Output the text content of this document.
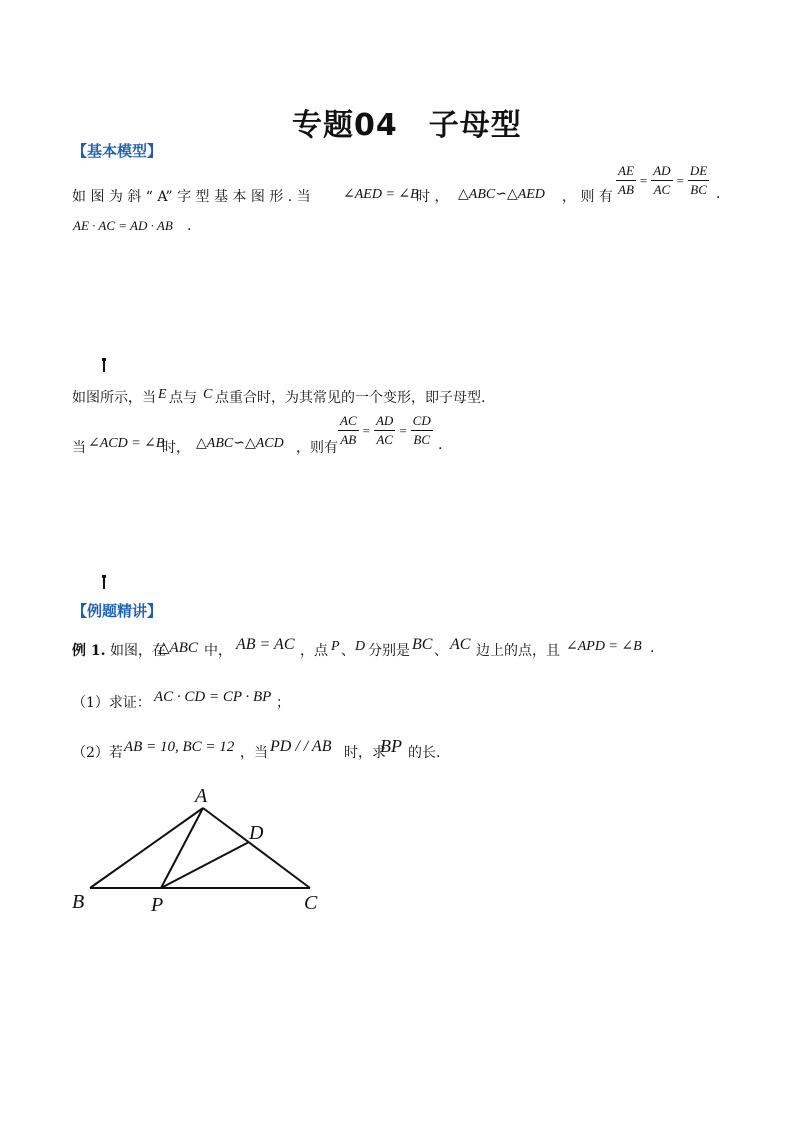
专题04　子母型
【基本模型】
如 图 为 斜 “ A” 字 型 基 本 图 形 . 当 ∠AED = ∠B
时 ， △ABC∽△AED ， 则 有 $\frac{AE}{AB} = \frac{AD}{AC} = \frac{DE}{BC}$ .
AE · AC = AD · AB .
如图所示，当 E 点与 C 点重合时，为其常见的一个变形，即子母型.
当 ∠ACD = ∠B
时， △ABC∽△ACD ，则有 $\frac{AC}{AB} = \frac{AD}{AC} = \frac{CD}{BC}$ .
【例题精讲】
例 1. 如图，在
△ABC 中， AB = AC ，点 P 、 D 分别是 BC 、 AC 边上的点，且 ∠APD = ∠B .
（1）求证： AC · CD = CP · BP ；
（2）若 AB = 10, BC = 12 ，当 PD / / AB 时，求
BP 的长.
A
B	C
D
P
